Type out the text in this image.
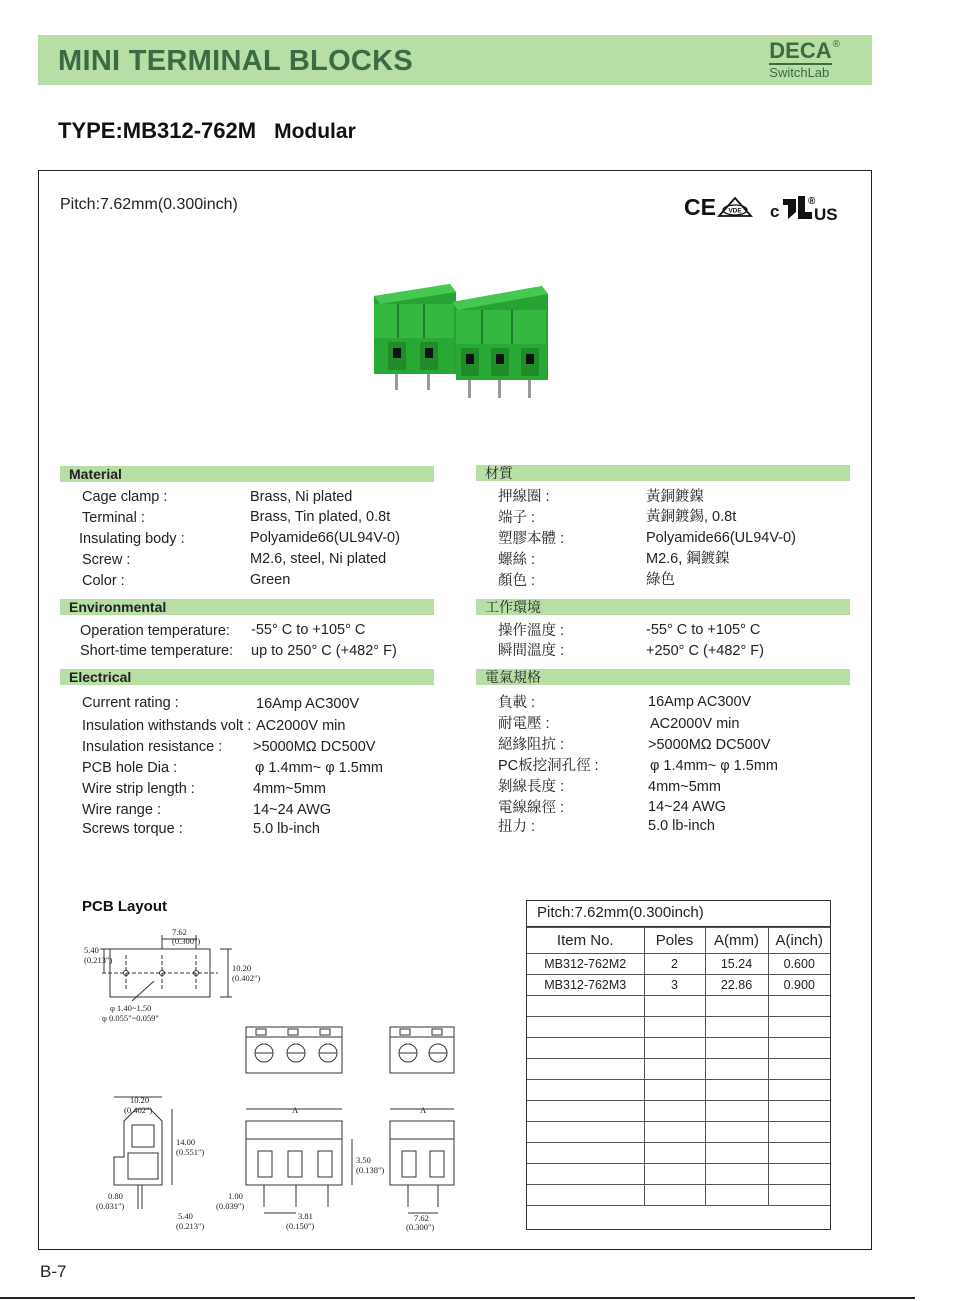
MINI TERMINAL BLOCKS	DECA®
SwitchLab
TYPE:MB312-762M Modular
Pitch:7.62mm(0.300inch)	CE VDE c
®
US
Material
Cage clamp :	Brass, Ni plated
Terminal :	Brass, Tin plated, 0.8t
Insulating body :	Polyamide66(UL94V-0)
Screw :	M2.6, steel, Ni plated
Color :	Green
Environmental
Operation temperature: -55° C to +105° C
Short-time temperature: up to 250° C (+482° F)
Electrical
Current rating :	16Amp AC300V
Insulation withstands volt : AC2000V min
Insulation resistance : >5000MΩ DC500V
PCB hole Dia :	φ 1.4mm~ φ 1.5mm
Wire strip length :	4mm~5mm
Wire range :	14~24 AWG
Screws torque :	5.0 lb-inch
材質
押線圈 :	黃銅鍍鎳
端子 :	黃銅鍍錫, 0.8t
塑膠本體 :	Polyamide66(UL94V-0)
螺絲 :	M2.6, 鋼鍍鎳
顏色 :	綠色
工作環境
操作溫度 :	-55° C to +105° C
瞬間溫度 :	+250° C (+482° F)
電氣規格
負載 :	16Amp AC300V
耐電壓 :	AC2000V min
絕緣阻抗 :	>5000MΩ DC500V
PC板挖洞孔徑 :	φ 1.4mm~ φ 1.5mm
剝線長度 :	4mm~5mm
電線線徑 :	14~24 AWG
扭力 :	5.0 lb-inch
PCB Layout
7.62
(0.300")
5.40
(0.213")
10.20
(0.402")
φ 1.40~1.50
φ 0.055"~0.059"
10.20
(0.402")
14.00
(0.551")
0.80
(0.031")
5.40
(0.213")
1.00
(0.039")
3.81
(0.150")
3.50
(0.138")
7.62
(0.300")
A	A
Pitch:7.62mm(0.300inch)
Item No.	Poles	A(mm)	A(inch)
MB312-762M2	2	15.24	0.600
MB312-762M3	3	22.86	0.900

B-7
